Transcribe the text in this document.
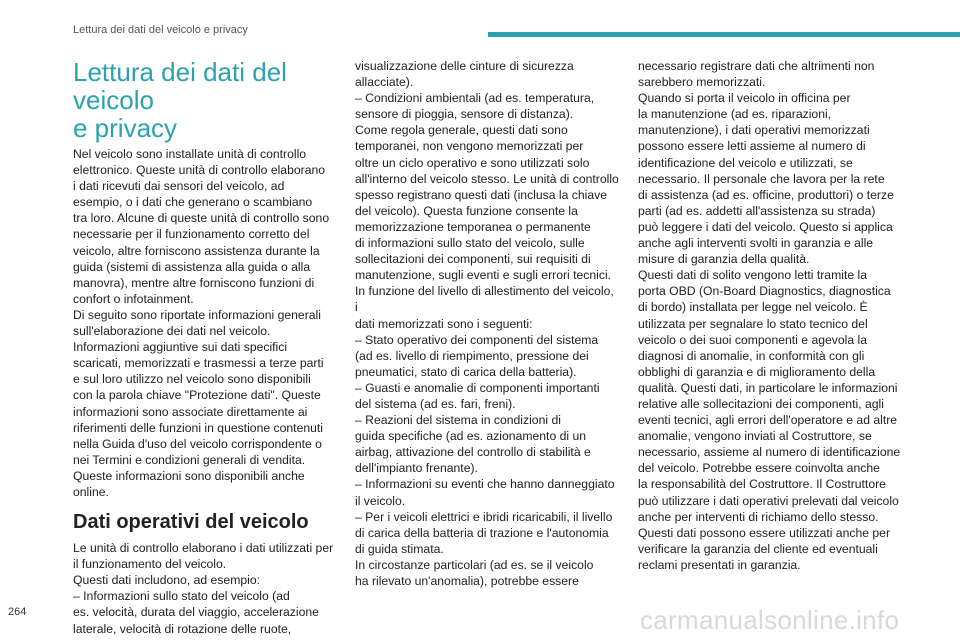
Lettura dei dati del veicolo e privacy
Lettura dei dati del veicolo
e privacy

Nel veicolo sono installate unità di controllo
elettronico. Queste unità di controllo elaborano
i dati ricevuti dai sensori del veicolo, ad
esempio, o i dati che generano o scambiano
tra loro. Alcune di queste unità di controllo sono
necessarie per il funzionamento corretto del
veicolo, altre forniscono assistenza durante la
guida (sistemi di assistenza alla guida o alla
manovra), mentre altre forniscono funzioni di
confort o infotainment.
Di seguito sono riportate informazioni generali
sull'elaborazione dei dati nel veicolo.
Informazioni aggiuntive sui dati specifici
scaricati, memorizzati e trasmessi a terze parti
e sul loro utilizzo nel veicolo sono disponibili
con la parola chiave "Protezione dati". Queste
informazioni sono associate direttamente ai
riferimenti delle funzioni in questione contenuti
nella Guida d'uso del veicolo corrispondente o
nei Termini e condizioni generali di vendita.
Queste informazioni sono disponibili anche
online.

Dati operativi del veicolo

Le unità di controllo elaborano i dati utilizzati per
il funzionamento del veicolo.
Questi dati includono, ad esempio:
– Informazioni sullo stato del veicolo (ad
es. velocità, durata del viaggio, accelerazione
laterale, velocità di rotazione delle ruote,

visualizzazione delle cinture di sicurezza
allacciate).
– Condizioni ambientali (ad es. temperatura,
sensore di pioggia, sensore di distanza).
Come regola generale, questi dati sono
temporanei, non vengono memorizzati per
oltre un ciclo operativo e sono utilizzati solo
all'interno del veicolo stesso. Le unità di controllo
spesso registrano questi dati (inclusa la chiave
del veicolo). Questa funzione consente la
memorizzazione temporanea o permanente
di informazioni sullo stato del veicolo, sulle
sollecitazioni dei componenti, sui requisiti di
manutenzione, sugli eventi e sugli errori tecnici.
In funzione del livello di allestimento del veicolo, i
dati memorizzati sono i seguenti:
– Stato operativo dei componenti del sistema
(ad es. livello di riempimento, pressione dei
pneumatici, stato di carica della batteria).
– Guasti e anomalie di componenti importanti
del sistema (ad es. fari, freni).
– Reazioni del sistema in condizioni di
guida specifiche (ad es. azionamento di un
airbag, attivazione del controllo di stabilità e
dell'impianto frenante).
– Informazioni su eventi che hanno danneggiato
il veicolo.
– Per i veicoli elettrici e ibridi ricaricabili, il livello
di carica della batteria di trazione e l'autonomia
di guida stimata.
In circostanze particolari (ad es. se il veicolo
ha rilevato un'anomalia), potrebbe essere

necessario registrare dati che altrimenti non
sarebbero memorizzati.
Quando si porta il veicolo in officina per
la manutenzione (ad es. riparazioni,
manutenzione), i dati operativi memorizzati
possono essere letti assieme al numero di
identificazione del veicolo e utilizzati, se
necessario. Il personale che lavora per la rete
di assistenza (ad es. officine, produttori) o terze
parti (ad es. addetti all'assistenza su strada)
può leggere i dati del veicolo. Questo si applica
anche agli interventi svolti in garanzia e alle
misure di garanzia della qualità.
Questi dati di solito vengono letti tramite la
porta OBD (On-Board Diagnostics, diagnostica
di bordo) installata per legge nel veicolo. È
utilizzata per segnalare lo stato tecnico del
veicolo o dei suoi componenti e agevola la
diagnosi di anomalie, in conformità con gli
obblighi di garanzia e di miglioramento della
qualità. Questi dati, in particolare le informazioni
relative alle sollecitazioni dei componenti, agli
eventi tecnici, agli errori dell'operatore e ad altre
anomalie, vengono inviati al Costruttore, se
necessario, assieme al numero di identificazione
del veicolo. Potrebbe essere coinvolta anche
la responsabilità del Costruttore. Il Costruttore
può utilizzare i dati operativi prelevati dal veicolo
anche per interventi di richiamo dello stesso.
Questi dati possono essere utilizzati anche per
verificare la garanzia del cliente ed eventuali
reclami presentati in garanzia.

264	carmanualsonline.info
